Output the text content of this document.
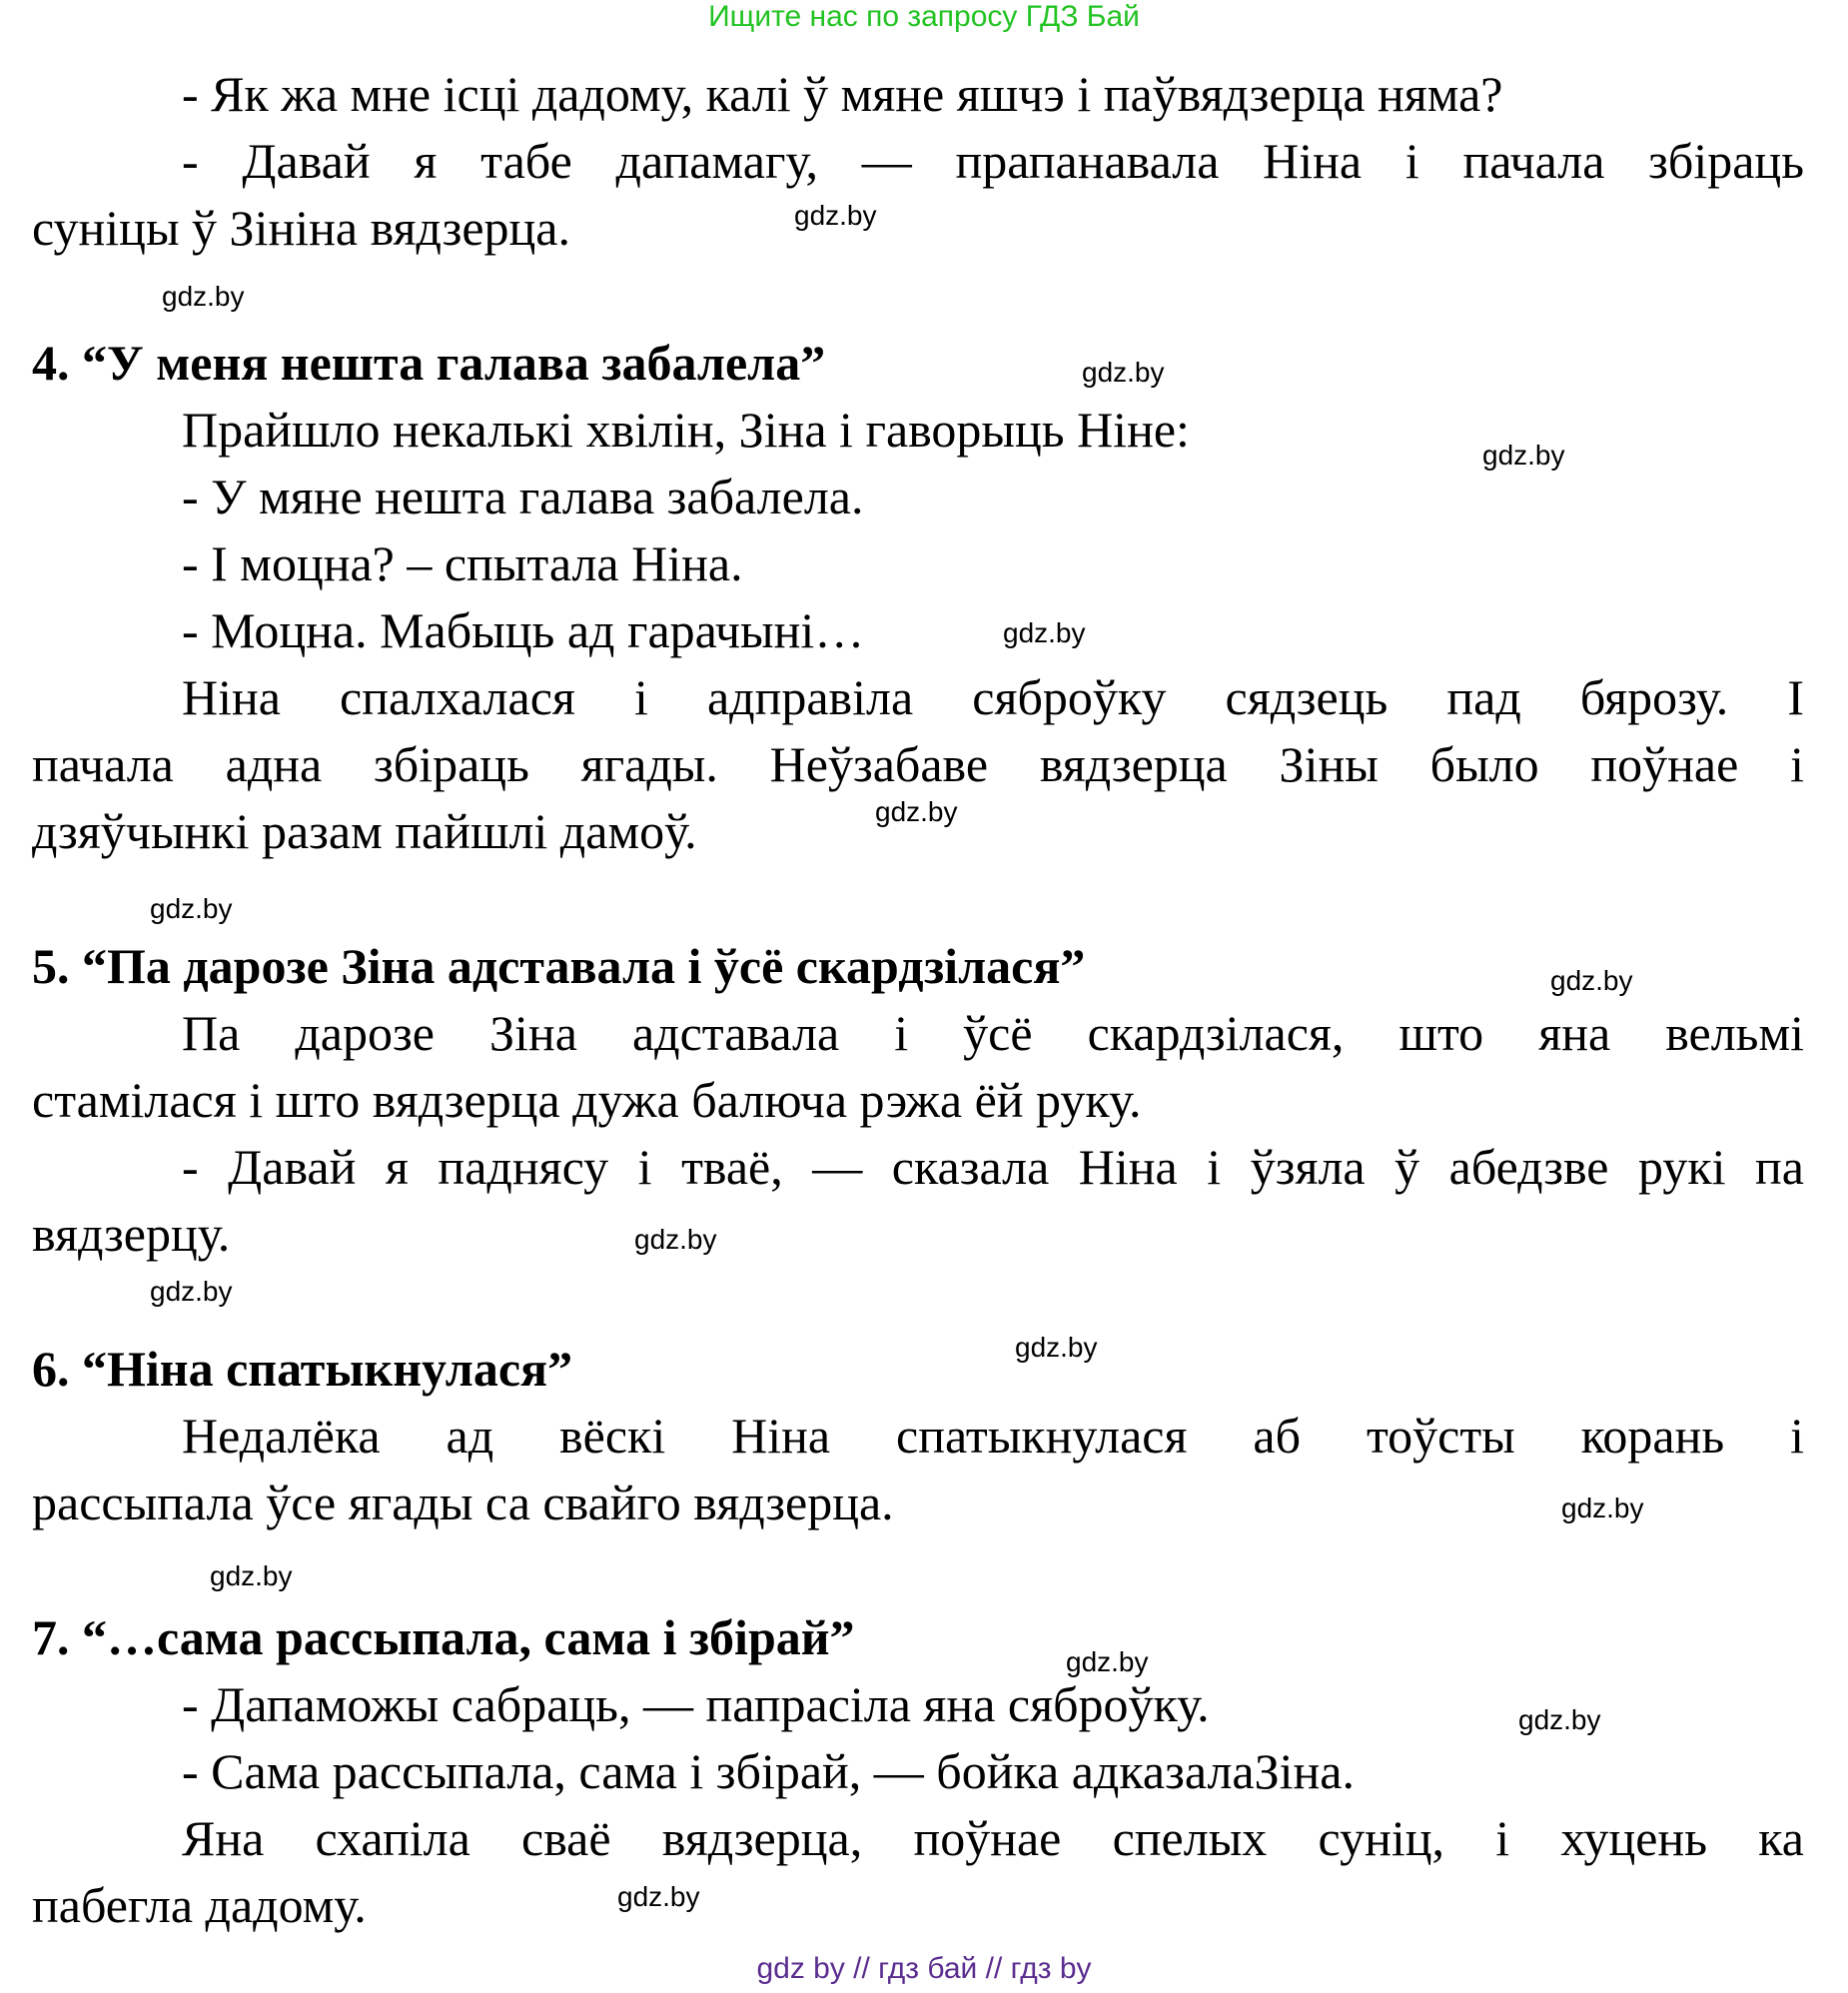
Ищите нас по запросу ГДЗ Бай
- Як жа мне ісці дадому, калі ў мяне яшчэ і паўвядзерца няма?
- Давай я табе дапамагу, — прапанавала Ніна і пачала збіраць
суніцы ў Зініна вядзерца.
4. “У меня нешта галава забалела”
Прайшло некалькі хвілін, Зіна і гаворыць Ніне:
- У мяне нешта галава забалела.
- І моцна? – спытала Ніна.
- Моцна. Мабыць ад гарачыні…
Ніна спалхалася і адправіла сяброўку сядзець пад бярозу. І
пачала адна збіраць ягады. Неўзабаве вядзерца Зіны было поўнае і
дзяўчынкі разам пайшлі дамоў.
5. “Па дарозе Зіна адставала і ўсё скардзілася”
Па дарозе Зіна адставала і ўсё скардзілася, што яна вельмі
стамілася і што вядзерца дужа балюча рэжа ёй руку.
- Давай я паднясу і тваё, — сказала Ніна і ўзяла ў абедзве рукі па
вядзерцу.
6. “Ніна спатыкнулася”
Недалёка ад вёскі Ніна спатыкнулася аб тоўсты корань і
рассыпала ўсе ягады са свайго вядзерца.
7. “…сама рассыпала, сама і збірай”
- Дапаможы сабраць, — папрасіла яна сяброўку.
- Сама рассыпала, сама і збірай, — бойка адказалаЗіна.
Яна схапіла сваё вядзерца, поўнае спелых суніц, і хуцень ка
пабегла дадому.
gdz.by
gdz.by
gdz.by
gdz.by
gdz.by
gdz.by
gdz.by
gdz.by
gdz.by
gdz.by
gdz.by
gdz.by
gdz.by
gdz.by
gdz.by
gdz.by
gdz by // гдз бай // гдз by
